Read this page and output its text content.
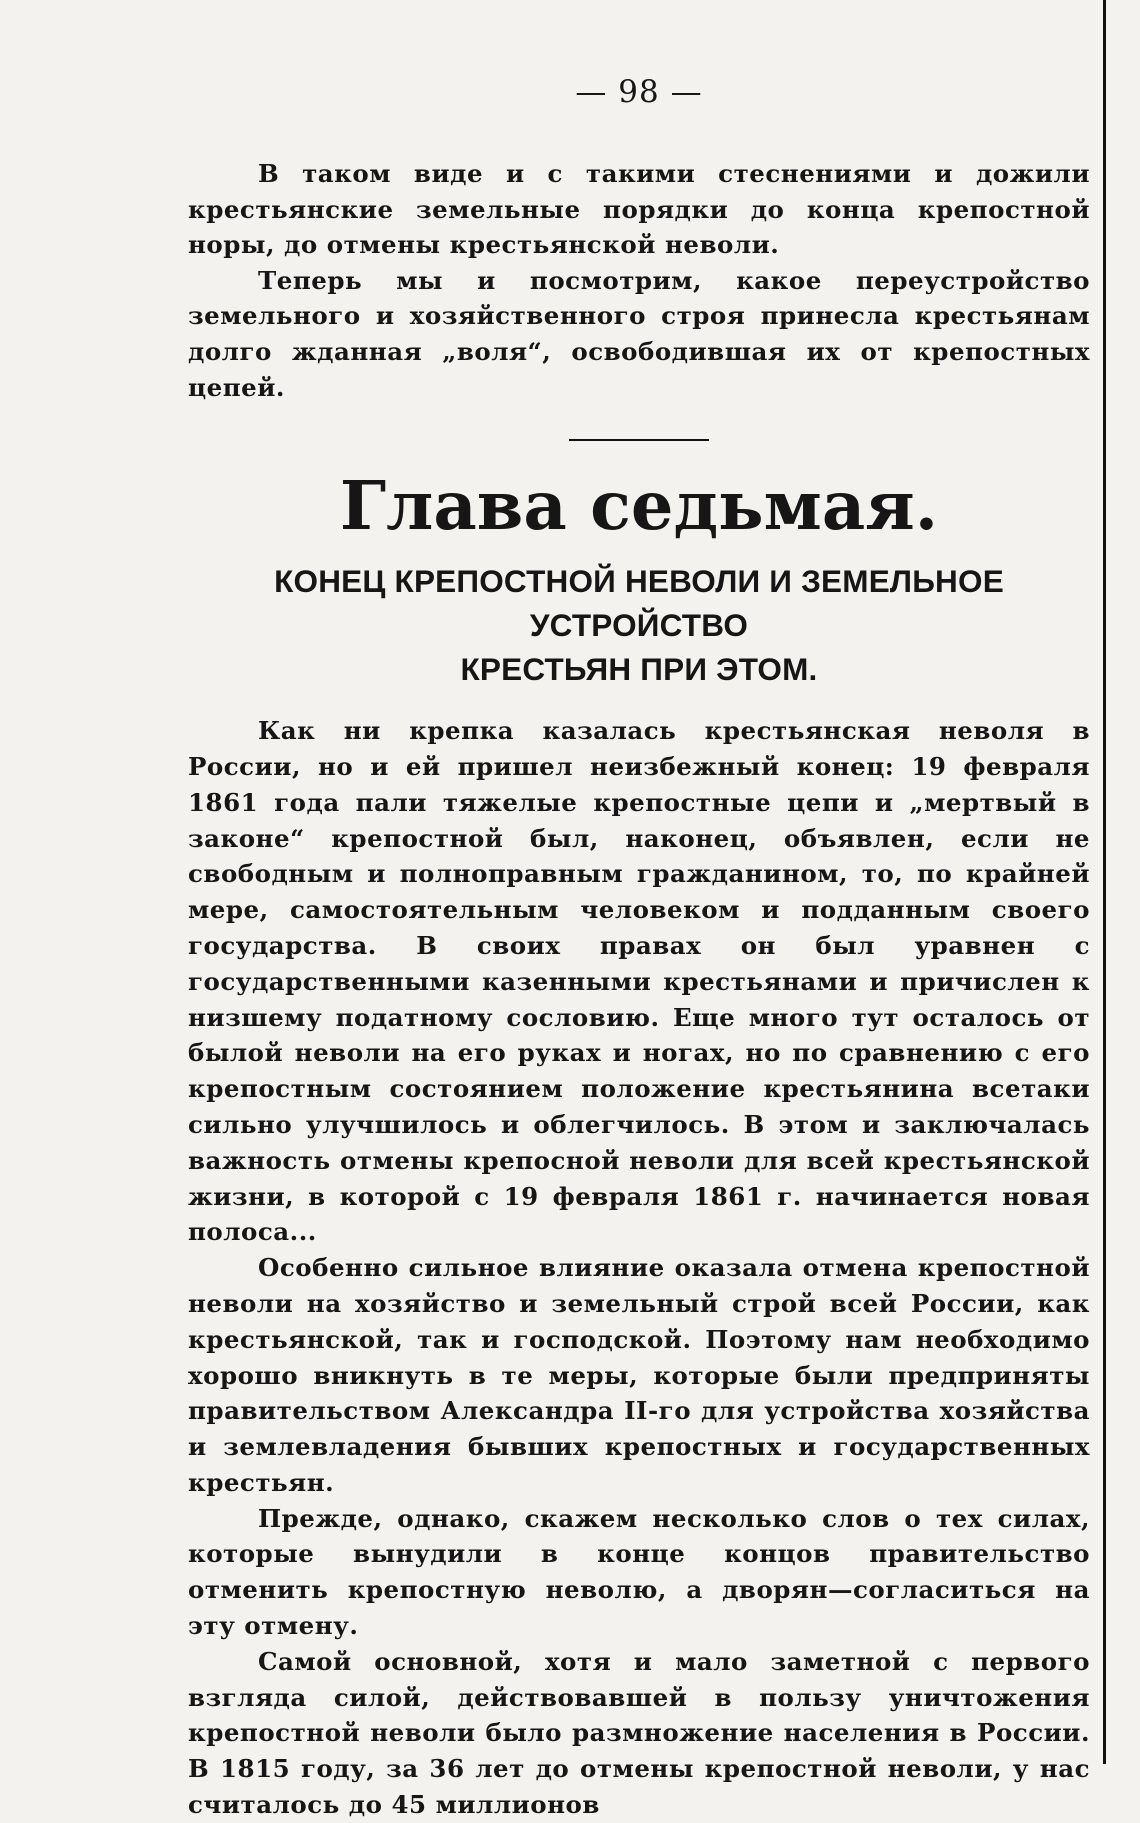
— 98 —

В таком виде и с такими стеснениями и дожили крестьянские земельные порядки до конца крепостной норы, до отмены крестьянской неволи.

Теперь мы и посмотрим, какое переустройство земельного и хозяйственного строя принесла крестьянам долго жданная „воля“, освободившая их от крепостных цепей.

Глава седьмая.
КОНЕЦ КРЕПОСТНОЙ НЕВОЛИ И ЗЕМЕЛЬНОЕ УСТРОЙСТВО
КРЕСТЬЯН ПРИ ЭТОМ.

Как ни крепка казалась крестьянская неволя в России, но и ей пришел неизбежный конец: 19 февраля 1861 года пали тяжелые крепостные цепи и „мертвый в законе“ крепостной был, наконец, объявлен, если не свободным и полноправным гражданином, то, по крайней мере, самостоятельным человеком и подданным своего государства. В своих правах он был уравнен с государственными казенными крестьянами и причислен к низшему податному сословию. Еще много тут осталось от былой неволи на его руках и ногах, но по сравнению с его крепостным состоянием положение крестьянина всетаки сильно улучшилось и облегчилось. В этом и заключалась важность отмены крепосной неволи для всей крестьянской жизни, в которой с 19 февраля 1861 г. начинается новая полоса...

Особенно сильное влияние оказала отмена крепостной неволи на хозяйство и земельный строй всей России, как крестьянской, так и господской. Поэтому нам необходимо хорошо вникнуть в те меры, которые были предприняты правительством Александра II-го для устройства хозяйства и землевладения бывших крепостных и государственных крестьян.

Прежде, однако, скажем несколько слов о тех силах, которые вынудили в конце концов правительство отменить крепостную неволю, а дворян—согласиться на эту отмену.

Самой основной, хотя и мало заметной с первого взгляда силой, действовавшей в пользу уничтожения крепостной неволи было размножение населения в России. В 1815 году, за 36 лет до отмены крепостной неволи, у нас считалось до 45 миллионов
